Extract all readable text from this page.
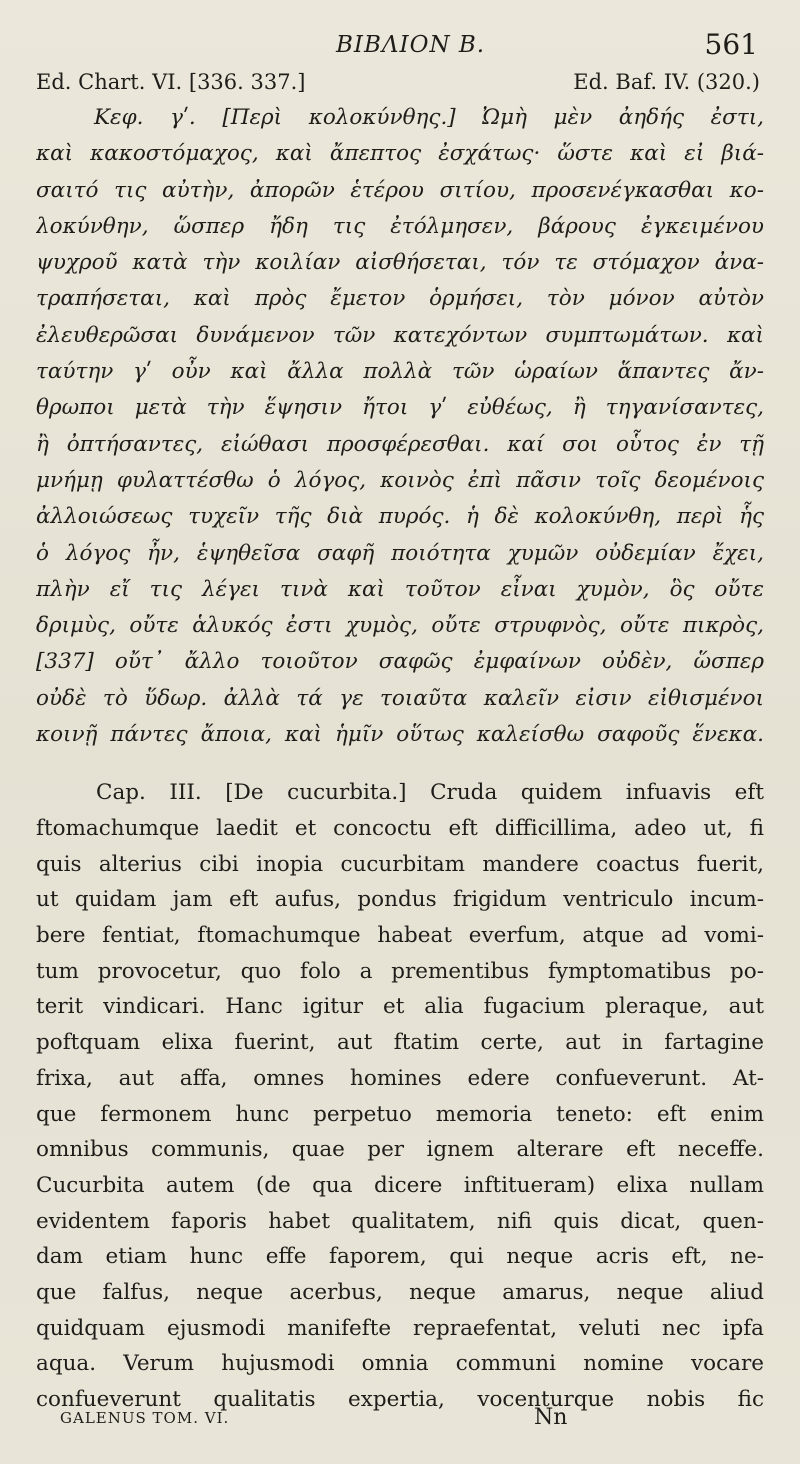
BIBΛΙΟΝ Β.	561
Ed. Chart. VI. [336. 337.]	Ed. Baf. IV. (320.)
Κεφ. γʹ. [Περὶ κολοκύνθης.] Ὠμὴ μὲν ἀηδής ἐστι,
καὶ κακοστόμαχος, καὶ ἄπεπτος ἐσχάτως· ὥστε καὶ εἰ βιά-
σαιτό τις αὐτὴν, ἀπορῶν ἑτέρου σιτίου, προσενέγκασθαι κο-
λοκύνθην, ὥσπερ ἤδη τις ἐτόλμησεν, βάρους ἐγκειμένου
ψυχροῦ κατὰ τὴν κοιλίαν αἰσθήσεται, τόν τε στόμαχον ἀνα-
τραπήσεται, καὶ πρὸς ἔμετον ὁρμήσει, τὸν μόνον αὐτὸν
ἐλευθερῶσαι δυνάμενον τῶν κατεχόντων συμπτωμάτων. καὶ
ταύτην γʹ οὖν καὶ ἄλλα πολλὰ τῶν ὡραίων ἅπαντες ἄν-
θρωποι μετὰ τὴν ἕψησιν ἤτοι γʹ εὐθέως, ἢ τηγανίσαντες,
ἢ ὀπτήσαντες, εἰώθασι προσφέρεσθαι. καί σοι οὗτος ἐν τῇ
μνήμῃ φυλαττέσθω ὁ λόγος, κοινὸς ἐπὶ πᾶσιν τοῖς δεομένοις
ἀλλοιώσεως τυχεῖν τῆς διὰ πυρός. ἡ δὲ κολοκύνθη, περὶ ἧς
ὁ λόγος ἦν, ἑψηθεῖσα σαφῆ ποιότητα χυμῶν οὐδεμίαν ἔχει,
πλὴν εἴ τις λέγει τινὰ καὶ τοῦτον εἶναι χυμὸν, ὃς οὔτε
δριμὺς, οὔτε ἁλυκός ἐστι χυμὸς, οὔτε στρυφνὸς, οὔτε πικρὸς,
[337] οὔτ᾽ ἄλλο τοιοῦτον σαφῶς ἐμφαίνων οὐδὲν, ὥσπερ
οὐδὲ τὸ ὕδωρ. ἀλλὰ τά γε τοιαῦτα καλεῖν εἰσιν εἰθισμένοι
κοινῇ πάντες ἄποια, καὶ ἡμῖν οὕτως καλείσθω σαφοῦς ἕνεκα.
Cap. III. [De cucurbita.] Cruda quidem infuavis eft
ftomachumque laedit et concoctu eft difficillima, adeo ut, fi
quis alterius cibi inopia cucurbitam mandere coactus fuerit,
ut quidam jam eft aufus, pondus frigidum ventriculo incum-
bere fentiat, ftomachumque habeat everfum, atque ad vomi-
tum provocetur, quo folo a prementibus fymptomatibus po-
terit vindicari. Hanc igitur et alia fugacium pleraque, aut
poftquam elixa fuerint, aut ftatim certe, aut in fartagine
frixa, aut affa, omnes homines edere confueverunt. At-
que fermonem hunc perpetuo memoria teneto: eft enim
omnibus communis, quae per ignem alterare eft neceffe.
Cucurbita autem (de qua dicere inftitueram) elixa nullam
evidentem faporis habet qualitatem, nifi quis dicat, quen-
dam etiam hunc effe faporem, qui neque acris eft, ne-
que falfus, neque acerbus, neque amarus, neque aliud
quidquam ejusmodi manifefte repraefentat, veluti nec ipfa
aqua. Verum hujusmodi omnia communi nomine vocare
confueverunt qualitatis expertia, vocenturque nobis fic
GALENUS TOM. VI.	Nn
